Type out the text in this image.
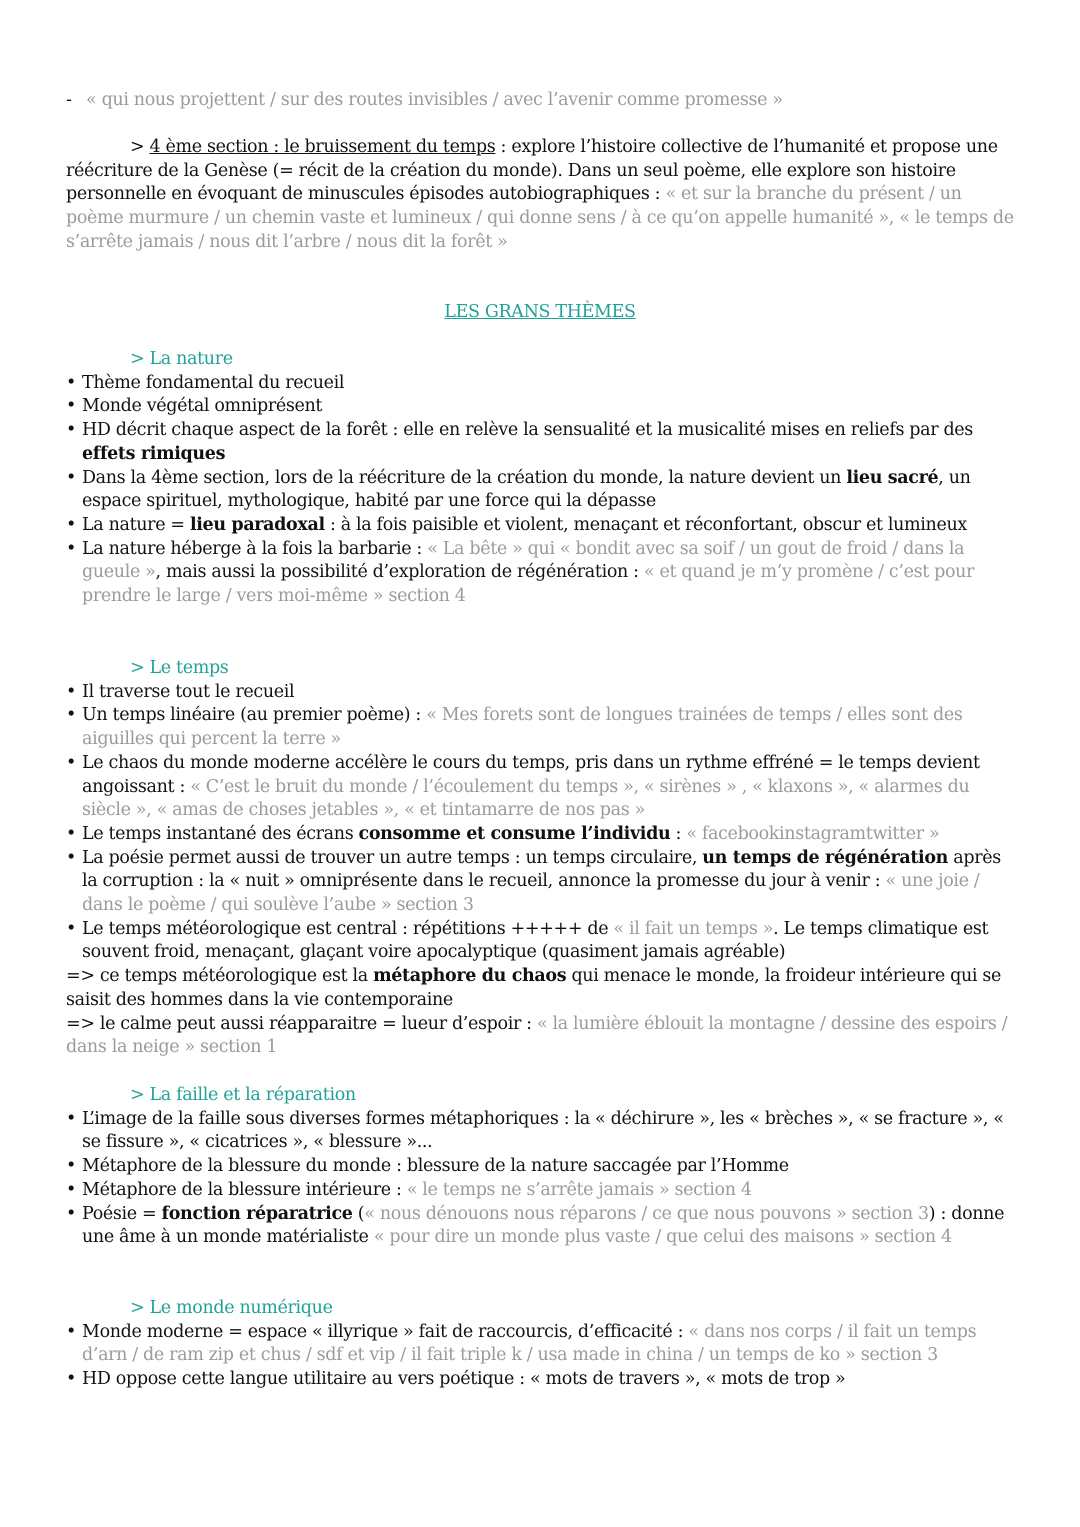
- « qui nous projettent / sur des routes invisibles / avec l’avenir comme promesse »
> 4 ème section : le bruissement du temps : explore l’histoire collective de l’humanité et propose une réécriture de la Genèse (= récit de la création du monde). Dans un seul poème, elle explore son histoire personnelle en évoquant de minuscules épisodes autobiographiques : « et sur la branche du présent / un poème murmure / un chemin vaste et lumineux / qui donne sens / à ce qu’on appelle humanité », « le temps de s’arrête jamais / nous dit l’arbre / nous dit la forêt »
LES GRANS THÈMES
> La nature
• Thème fondamental du recueil
• Monde végétal omniprésent
• HD décrit chaque aspect de la forêt : elle en relève la sensualité et la musicalité mises en reliefs par des effets rimiques
• Dans la 4ème section, lors de la réécriture de la création du monde, la nature devient un lieu sacré, un espace spirituel, mythologique, habité par une force qui la dépasse
• La nature = lieu paradoxal : à la fois paisible et violent, menaçant et réconfortant, obscur et lumineux
• La nature héberge à la fois la barbarie : « La bête » qui « bondit avec sa soif / un gout de froid / dans la gueule », mais aussi la possibilité d’exploration de régénération : « et quand je m’y promène / c’est pour prendre le large / vers moi-même » section 4
> Le temps
• Il traverse tout le recueil
• Un temps linéaire (au premier poème) : « Mes forets sont de longues trainées de temps / elles sont des aiguilles qui percent la terre »
• Le chaos du monde moderne accélère le cours du temps, pris dans un rythme effréné = le temps devient angoissant : « C’est le bruit du monde / l’écoulement du temps », « sirènes » , « klaxons », « alarmes du siècle », « amas de choses jetables », « et tintamarre de nos pas »
• Le temps instantané des écrans consomme et consume l’individu : « facebookinstagramtwitter »
• La poésie permet aussi de trouver un autre temps : un temps circulaire, un temps de régénération après la corruption : la « nuit » omniprésente dans le recueil, annonce la promesse du jour à venir : « une joie / dans le poème / qui soulève l’aube » section 3
• Le temps météorologique est central : répétitions +++++ de « il fait un temps ». Le temps climatique est souvent froid, menaçant, glaçant voire apocalyptique (quasiment jamais agréable)
=> ce temps météorologique est la métaphore du chaos qui menace le monde, la froideur intérieure qui se saisit des hommes dans la vie contemporaine
=> le calme peut aussi réapparaitre = lueur d’espoir : « la lumière éblouit la montagne / dessine des espoirs / dans la neige » section 1
> La faille et la réparation
• L’image de la faille sous diverses formes métaphoriques : la « déchirure », les « brèches », « se fracture », « se fissure », « cicatrices », « blessure »...
• Métaphore de la blessure du monde : blessure de la nature saccagée par l’Homme
• Métaphore de la blessure intérieure : « le temps ne s’arrête jamais » section 4
• Poésie = fonction réparatrice (« nous dénouons nous réparons / ce que nous pouvons » section 3) : donne une âme à un monde matérialiste « pour dire un monde plus vaste / que celui des maisons » section 4
> Le monde numérique
• Monde moderne = espace « illyrique » fait de raccourcis, d’efficacité : « dans nos corps / il fait un temps d’arn / de ram zip et chus / sdf et vip / il fait triple k / usa made in china / un temps de ko » section 3
• HD oppose cette langue utilitaire au vers poétique : « mots de travers », « mots de trop »
